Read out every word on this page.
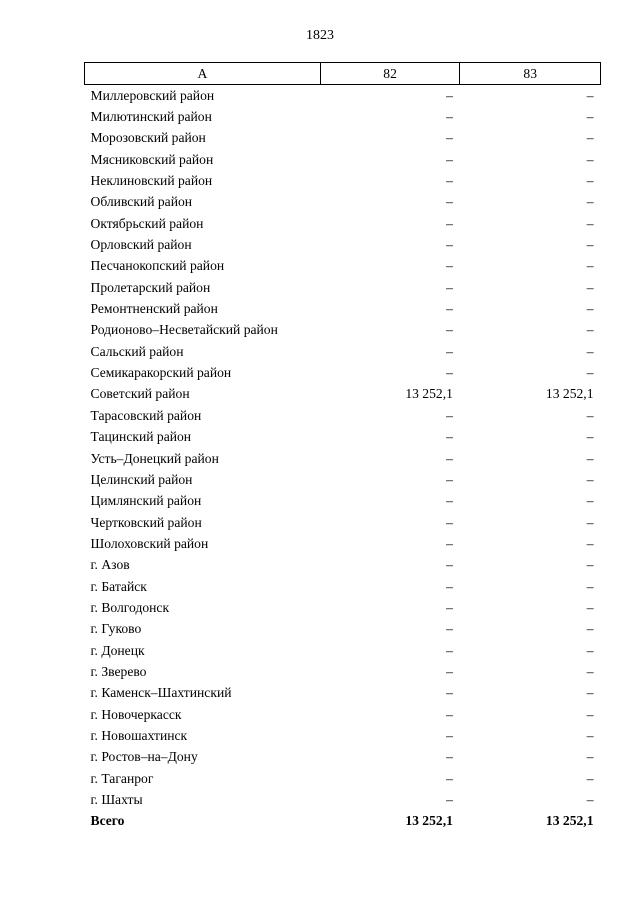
1823
А	82	83
Миллеровский район	–	–
Милютинский район	–	–
Морозовский район	–	–
Мясниковский район	–	–
Неклиновский район	–	–
Обливский район	–	–
Октябрьский район	–	–
Орловский район	–	–
Песчанокопский район	–	–
Пролетарский район	–	–
Ремонтненский район	–	–
Родионово–Несветайский район	–	–
Сальский район	–	–
Семикаракорский район	–	–
Советский район	13 252,1	13 252,1
Тарасовский район	–	–
Тацинский район	–	–
Усть–Донецкий район	–	–
Целинский район	–	–
Цимлянский район	–	–
Чертковский район	–	–
Шолоховский район	–	–
г. Азов	–	–
г. Батайск	–	–
г. Волгодонск	–	–
г. Гуково	–	–
г. Донецк	–	–
г. Зверево	–	–
г. Каменск–Шахтинский	–	–
г. Новочеркасск	–	–
г. Новошахтинск	–	–
г. Ростов–на–Дону	–	–
г. Таганрог	–	–
г. Шахты	–	–
Всего	13 252,1	13 252,1
